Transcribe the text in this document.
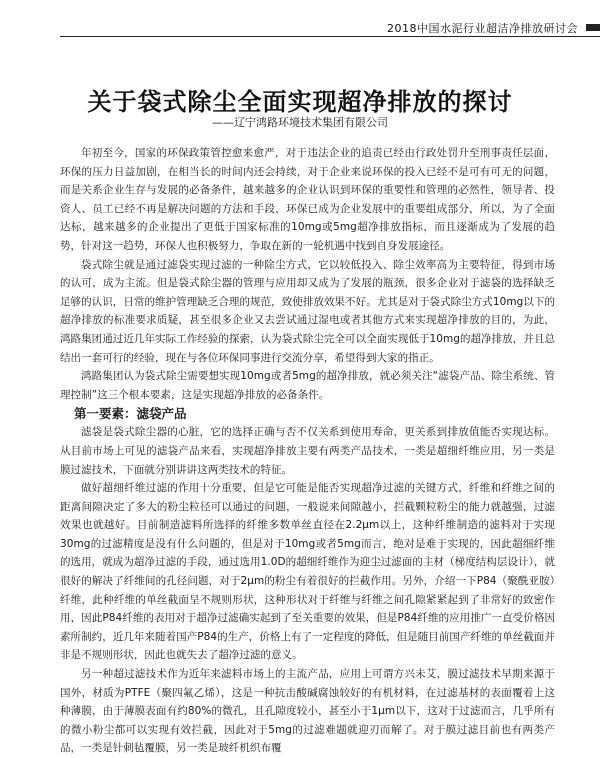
2018中国水泥行业超洁净排放研讨会
关于袋式除尘全面实现超净排放的探讨
——辽宁鸿路环境技术集团有限公司

年初至今，国家的环保政策管控愈来愈严，对于违法企业的追责已经由行政处罚升至刑事责任层面，环保的压力日益加剧，在相当长的时间内还会持续，对于企业来说环保的投入已经不是可有可无的问题，而是关系企业生存与发展的必备条件，越来越多的企业认识到环保的重要性和管理的必然性，领导者、投资人、员工已经不再是解决问题的方法和手段，环保已成为企业发展中的重要组成部分，所以，为了全面达标，越来越多的企业提出了更低于国家标准的10mg或5mg超净排放指标，而且逐渐成为了发展的趋势，针对这一趋势，环保人也积极努力，争取在新的一轮机遇中找到自身发展途径。

袋式除尘就是通过滤袋实现过滤的一种除尘方式，它以较低投入、除尘效率高为主要特征，得到市场的认可，成为主流。但是袋式除尘器的管理与应用却又成为了发展的瓶颈，很多企业对于滤袋的选择缺乏足够的认识，日常的维护管理缺乏合理的规范，致使排放效果不好。尤其是对于袋式除尘方式10mg以下的超净排放的标准要求质疑，甚至很多企业又去尝试通过湿电或者其他方式来实现超净排放的目的，为此，鸿路集团通过近几年实际工作经验的探索，认为袋式除尘完全可以全面实现低于10mg的超净排放，并且总结出一套可行的经验，现在与各位环保同事进行交流分享，希望得到大家的指正。

鸿路集团认为袋式除尘需要想实现10mg或者5mg的超净排放，就必须关注“滤袋产品、除尘系统、管理控制”这三个根本要素，这是实现超净排放的必备条件。

第一要素：滤袋产品

滤袋是袋式除尘器的心脏，它的选择正确与否不仅关系到使用寿命，更关系到排放值能否实现达标。从目前市场上可见的滤袋产品来看，实现超净排放主要有两类产品技术，一类是超细纤维应用，另一类是膜过滤技术，下面就分别讲讲这两类技术的特征。

做好超细纤维过滤的作用十分重要，但是它可能是能否实现超净过滤的关键方式，纤维和纤维之间的距离间隙决定了多大的粉尘粒径可以通过的问题，一般说来间隙越小，拦截颗粒粉尘的能力就越强，过滤效果也就越好。目前制造滤料所选择的纤维多数单丝直径在2.2μm以上，这种纤维制造的滤料对于实现30mg的过滤精度是没有什么问题的，但是对于10mg或者5mg而言，绝对是难于实现的，因此超细纤维的选用，就成为超净过滤的手段，通过选用1.0D的超细纤维作为迎尘过滤面的主材（梯度结构层设计），就很好的解决了纤维间的孔径问题，对于2μm的粉尘有着很好的拦截作用。另外，介绍一下P84（聚酰亚胺）纤维，此种纤维的单丝截面呈不规则形状，这种形状对于纤维与纤维之间孔隙紧紧起到了非常好的致密作用，因此P84纤维的表用对于超净过滤确实起到了至关重要的效果，但是P84纤维的应用推广一直受价格因素所制约，近几年来随着国产P84的生产，价格上有了一定程度的降低，但是随目前国产纤维的单丝截面并非是不规则形状，因此也就失去了超净过滤的意义。

另一种超过滤技术作为近年来滤料市场上的主流产品，应用上可谓方兴未艾，膜过滤技术早期来源于国外，材质为PTFE（聚四氟乙烯），这是一种抗击酸碱腐蚀较好的有机材料，在过滤基材的表面覆着上这种薄膜，由于薄膜表面有约80%的微孔，且孔隙度较小，甚至小于1μm以下，这对于过滤而言，几乎所有的微小粉尘都可以实现有效拦截，因此对于5mg的过滤难题就迎刃而解了。对于膜过滤目前也有两类产品，一类是针刺毡覆膜，另一类是玻纤机织布覆
